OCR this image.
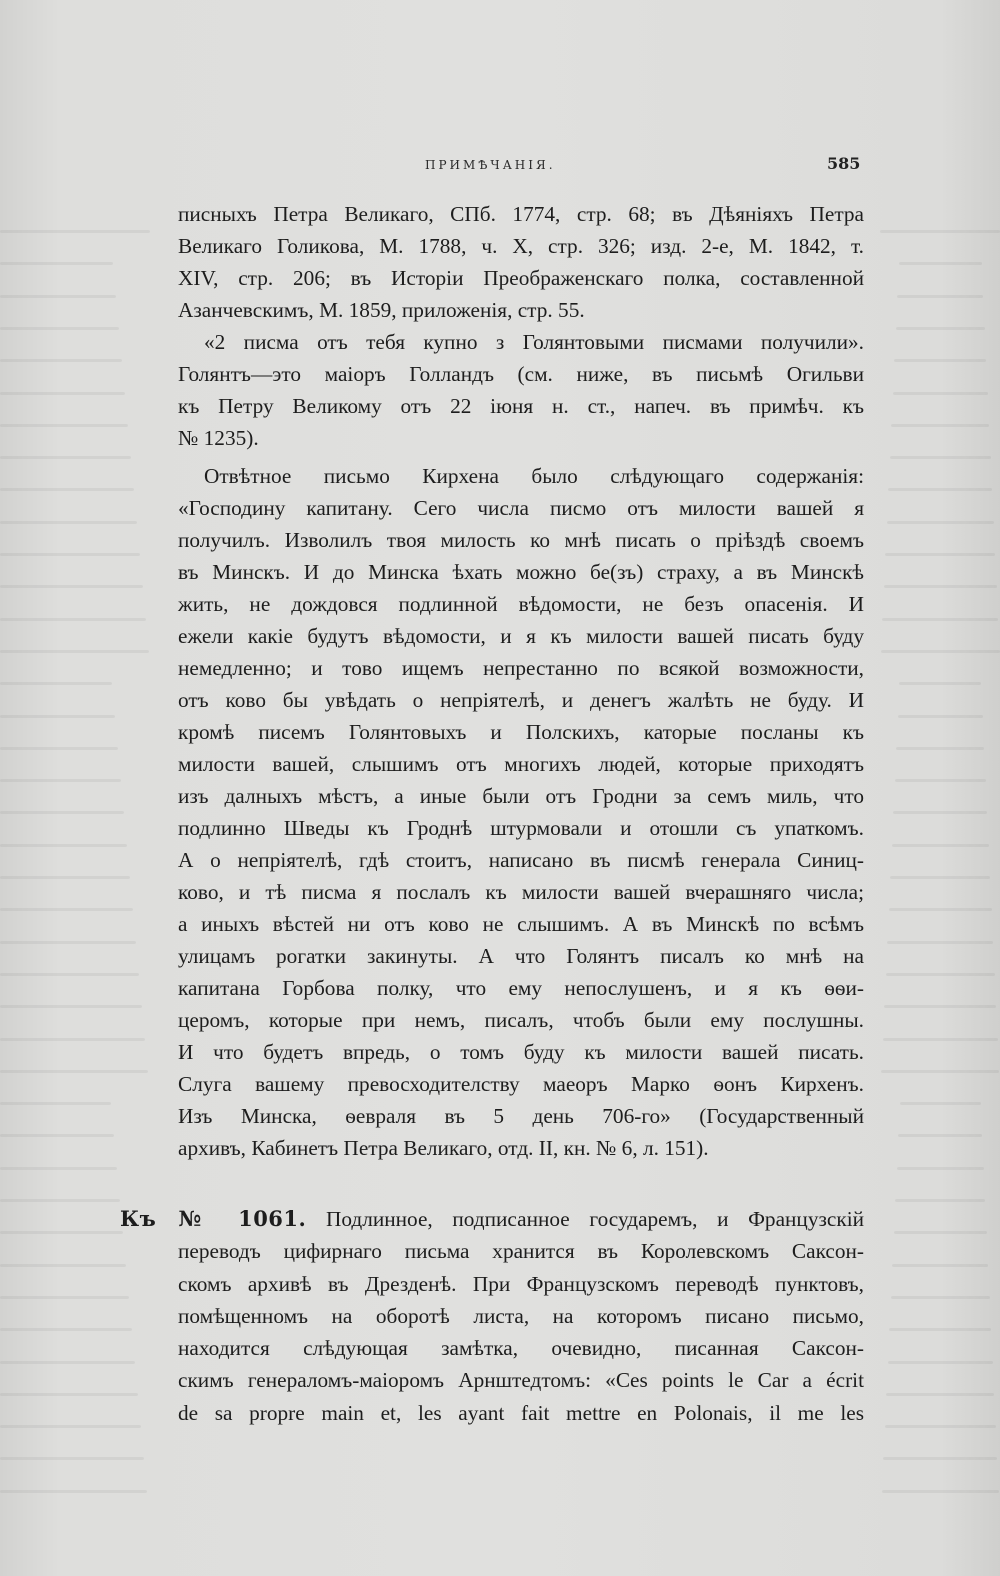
ПРИМѢЧАНІЯ.	585
писныхъ Петра Великаго, СПб. 1774, стр. 68; въ Дѣяніяхъ Петра
Великаго Голикова, М. 1788, ч. X, стр. 326; изд. 2-е, М. 1842, т.
XIV, стр. 206; въ Исторіи Преображенскаго полка, составленной
Азанчевскимъ, М. 1859, приложенія, стр. 55.
«2 писма отъ тебя купно з Голянтовыми писмами получили».
Голянтъ—это маіоръ Голландъ (см. ниже, въ письмѣ Огильви
къ Петру Великому отъ 22 іюня н. ст., напеч. въ примѣч. къ
№ 1235).
Отвѣтное письмо Кирхена было слѣдующаго содержанія:
«Господину капитану. Сего числа писмо отъ милости вашей я
получилъ. Изволилъ твоя милость ко мнѣ писать о пріѣздѣ своемъ
въ Минскъ. И до Минска ѣхать можно бе(зъ) страху, а въ Минскѣ
жить, не дождовся подлинной вѣдомости, не безъ опасенія. И
ежели какіе будутъ вѣдомости, и я къ милости вашей писать буду
немедленно; и тово ищемъ непрестанно по всякой возможности,
отъ ково бы увѣдать о непріятелѣ, и денегъ жалѣть не буду. И
кромѣ писемъ Голянтовыхъ и Полскихъ, каторые посланы къ
милости вашей, слышимъ отъ многихъ людей, которые приходятъ
изъ далныхъ мѣстъ, а иные были отъ Гродни за семъ миль, что
подлинно Шведы къ Гроднѣ штурмовали и отошли съ упаткомъ.
А о непріятелѣ, гдѣ стоитъ, написано въ писмѣ генерала Синиц-
ково, и тѣ писма я послалъ къ милости вашей вчерашняго числа;
а иныхъ вѣстей ни отъ ково не слышимъ. А въ Минскѣ по всѣмъ
улицамъ рогатки закинуты. А что Голянтъ писалъ ко мнѣ на
капитана Горбова полку, что ему непослушенъ, и я къ ѳѳи-
церомъ, которые при немъ, писалъ, чтобъ были ему послушны.
И что будетъ впредь, о томъ буду къ милости вашей писать.
Слуга вашему превосходителству маеоръ Марко ѳонъ Кирхенъ.
Изъ Минска, ѳевраля въ 5 день 706-го» (Государственный
архивъ, Кабинетъ Петра Великаго, отд. II, кн. № 6, л. 151).
Къ № 1061. Подлинное, подписанное государемъ, и Французскій
переводъ цифирнаго письма хранится въ Королевскомъ Саксон-
скомъ архивѣ въ Дрезденѣ. При Французскомъ переводѣ пунктовъ,
помѣщенномъ на оборотѣ листа, на которомъ писано письмо,
находится слѣдующая замѣтка, очевидно, писанная Саксон-
скимъ генераломъ-маіоромъ Арнштедтомъ: «Ces points le Car a écrit
de sa propre main et, les ayant fait mettre en Polonais, il me les
